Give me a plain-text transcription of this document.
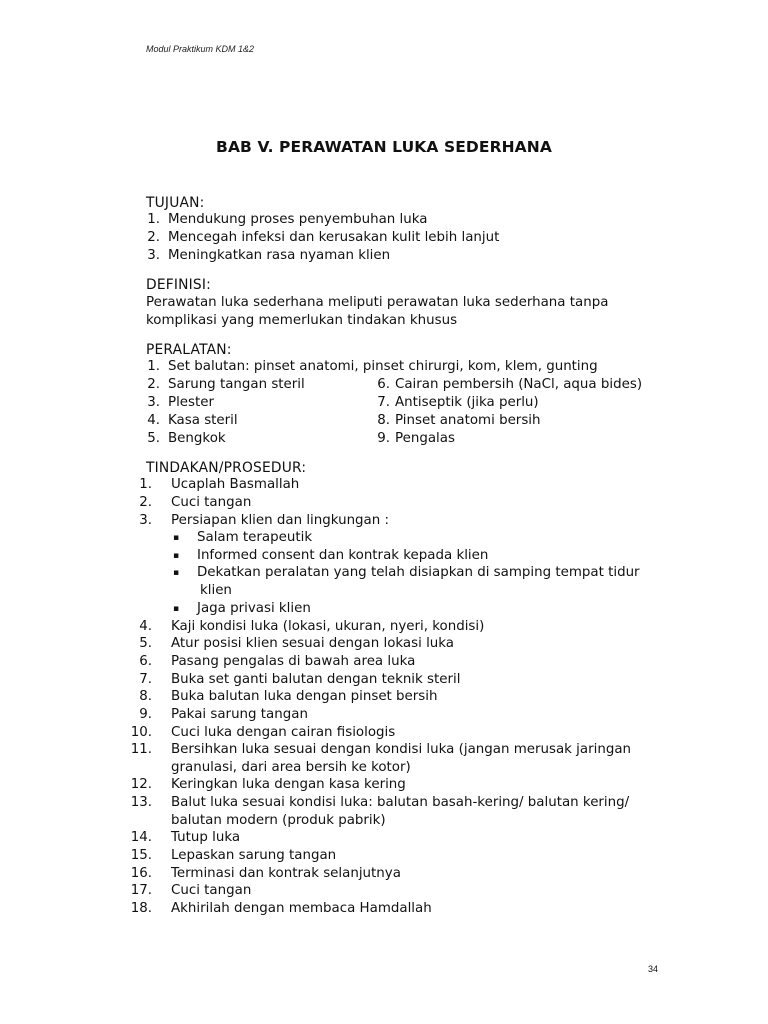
Modul Praktikum KDM 1&2
BAB V. PERAWATAN LUKA SEDERHANA
TUJUAN:
1. Mendukung proses penyembuhan luka
2. Mencegah infeksi dan kerusakan kulit lebih lanjut
3. Meningkatkan rasa nyaman klien
DEFINISI:
Perawatan luka sederhana meliputi perawatan luka sederhana tanpa
komplikasi yang memerlukan tindakan khusus
PERALATAN:
1. Set balutan: pinset anatomi, pinset chirurgi, kom, klem, gunting
2. Sarung tangan steril
3. Plester
4. Kasa steril
5. Bengkok
6. Cairan pembersih (NaCl, aqua bides)
7. Antiseptik (jika perlu)
8. Pinset anatomi bersih
9. Pengalas
TINDAKAN/PROSEDUR:
1. Ucaplah Basmallah
2. Cuci tangan
3. Persiapan klien dan lingkungan :
▪ Salam terapeutik
▪ Informed consent dan kontrak kepada klien
▪ Dekatkan peralatan yang telah disiapkan di samping tempat tidur
klien
▪ Jaga privasi klien
4. Kaji kondisi luka (lokasi, ukuran, nyeri, kondisi)
5. Atur posisi klien sesuai dengan lokasi luka
6. Pasang pengalas di bawah area luka
7. Buka set ganti balutan dengan teknik steril
8. Buka balutan luka dengan pinset bersih
9. Pakai sarung tangan
10. Cuci luka dengan cairan fisiologis
11. Bersihkan luka sesuai dengan kondisi luka (jangan merusak jaringan
granulasi, dari area bersih ke kotor)
12. Keringkan luka dengan kasa kering
13. Balut luka sesuai kondisi luka: balutan basah-kering/ balutan kering/
balutan modern (produk pabrik)
14. Tutup luka
15. Lepaskan sarung tangan
16. Terminasi dan kontrak selanjutnya
17. Cuci tangan
18. Akhirilah dengan membaca Hamdallah
34
